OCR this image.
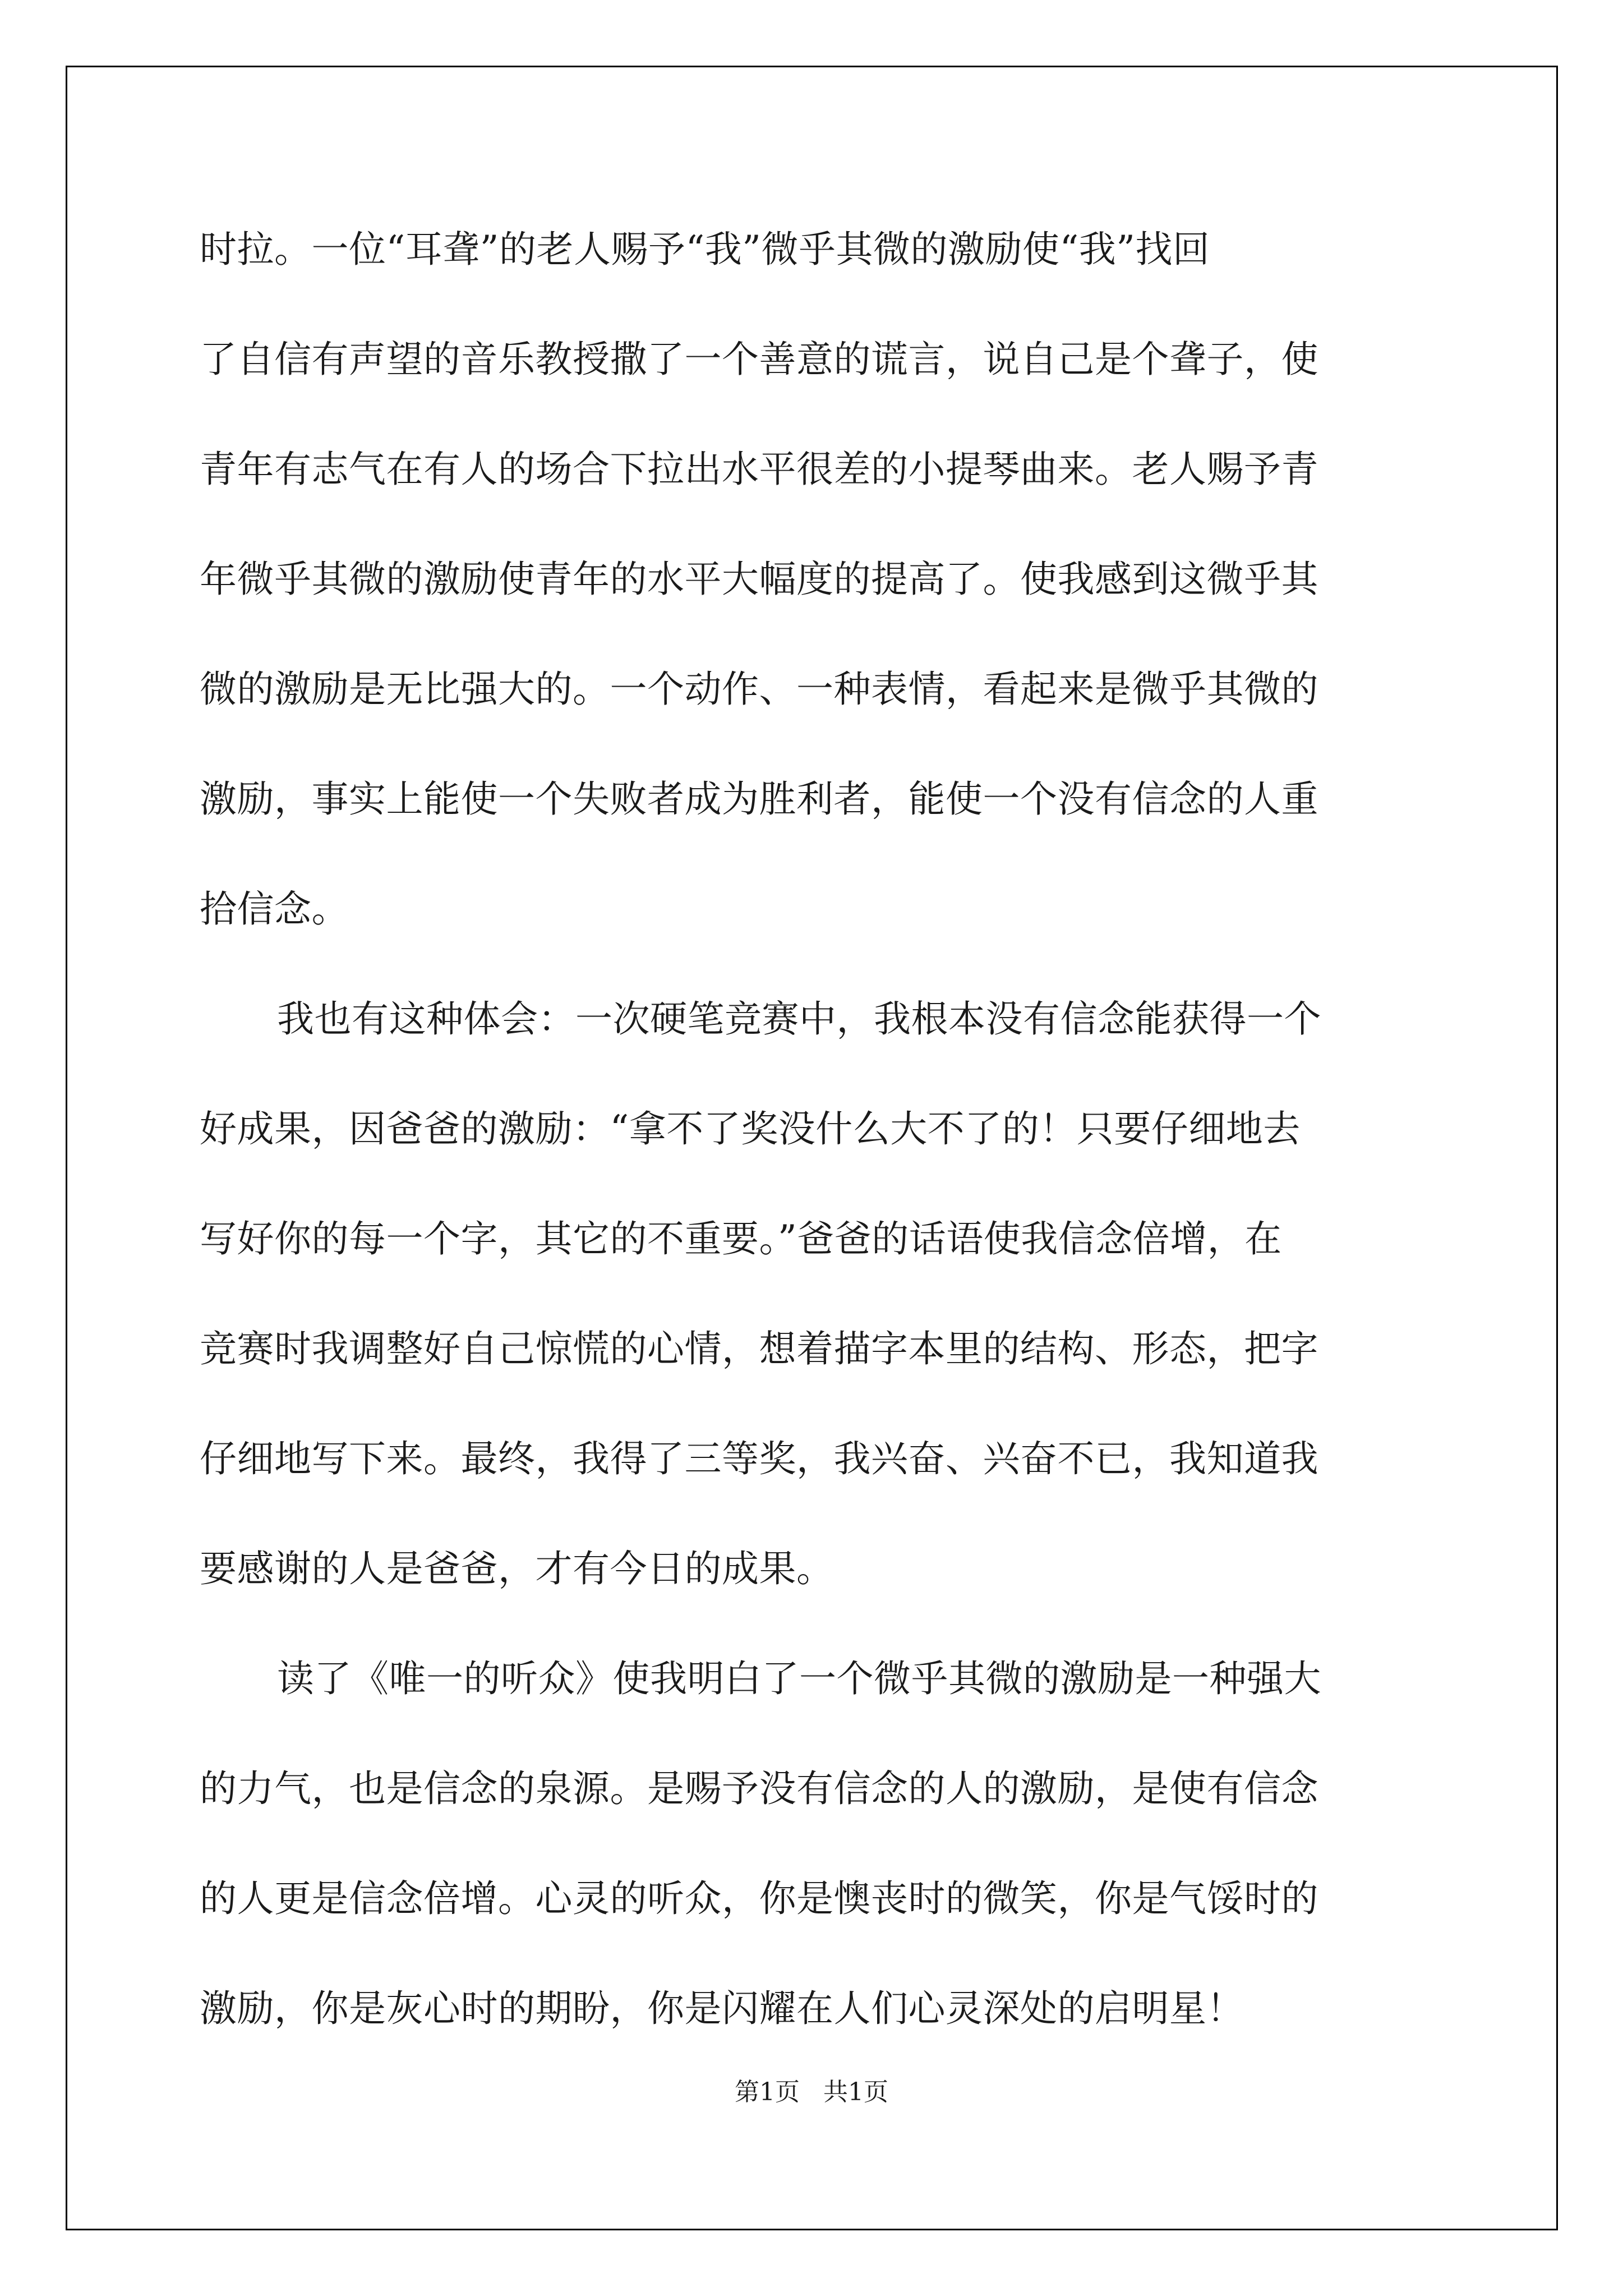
时拉。一位“耳聋”的老人赐予“我”微乎其微的激励使“我”找回
了自信有声望的音乐教授撒了一个善意的谎言，说自己是个聋子，使
青年有志气在有人的场合下拉出水平很差的小提琴曲来。老人赐予青
年微乎其微的激励使青年的水平大幅度的提高了。使我感到这微乎其
微的激励是无比强大的。一个动作、一种表情，看起来是微乎其微的
激励，事实上能使一个失败者成为胜利者，能使一个没有信念的人重
拾信念。
我也有这种体会：一次硬笔竞赛中，我根本没有信念能获得一个
好成果，因爸爸的激励：“拿不了奖没什么大不了的！只要仔细地去
写好你的每一个字，其它的不重要。”爸爸的话语使我信念倍增，在
竞赛时我调整好自己惊慌的心情，想着描字本里的结构、形态，把字
仔细地写下来。最终，我得了三等奖，我兴奋、兴奋不已，我知道我
要感谢的人是爸爸，才有今日的成果。
读了《唯一的听众》使我明白了一个微乎其微的激励是一种强大
的力气，也是信念的泉源。是赐予没有信念的人的激励，是使有信念
的人更是信念倍增。心灵的听众，你是懊丧时的微笑，你是气馁时的
激励，你是灰心时的期盼，你是闪耀在人们心灵深处的启明星！
第1页 共1页
